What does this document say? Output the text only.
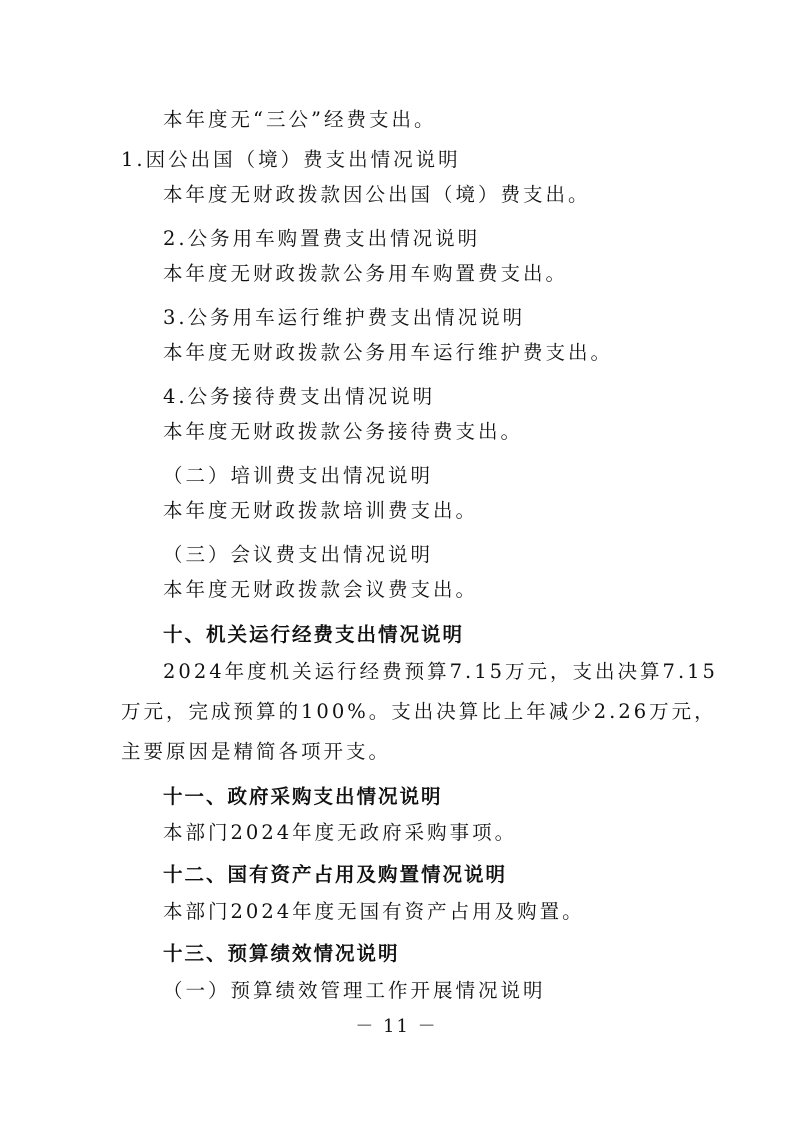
本年度无“三公”经费支出。
1.因公出国（境）费支出情况说明
本年度无财政拨款因公出国（境）费支出。
2.公务用车购置费支出情况说明
本年度无财政拨款公务用车购置费支出。
3.公务用车运行维护费支出情况说明
本年度无财政拨款公务用车运行维护费支出。
4.公务接待费支出情况说明
本年度无财政拨款公务接待费支出。
（二）培训费支出情况说明
本年度无财政拨款培训费支出。
（三）会议费支出情况说明
本年度无财政拨款会议费支出。
十、机关运行经费支出情况说明
2024年度机关运行经费预算7.15万元，支出决算7.15
万元，完成预算的100%。支出决算比上年减少2.26万元，
主要原因是精简各项开支。
十一、政府采购支出情况说明
本部门2024年度无政府采购事项。
十二、国有资产占用及购置情况说明
本部门2024年度无国有资产占用及购置。
十三、预算绩效情况说明
（一）预算绩效管理工作开展情况说明
－ 11 －
